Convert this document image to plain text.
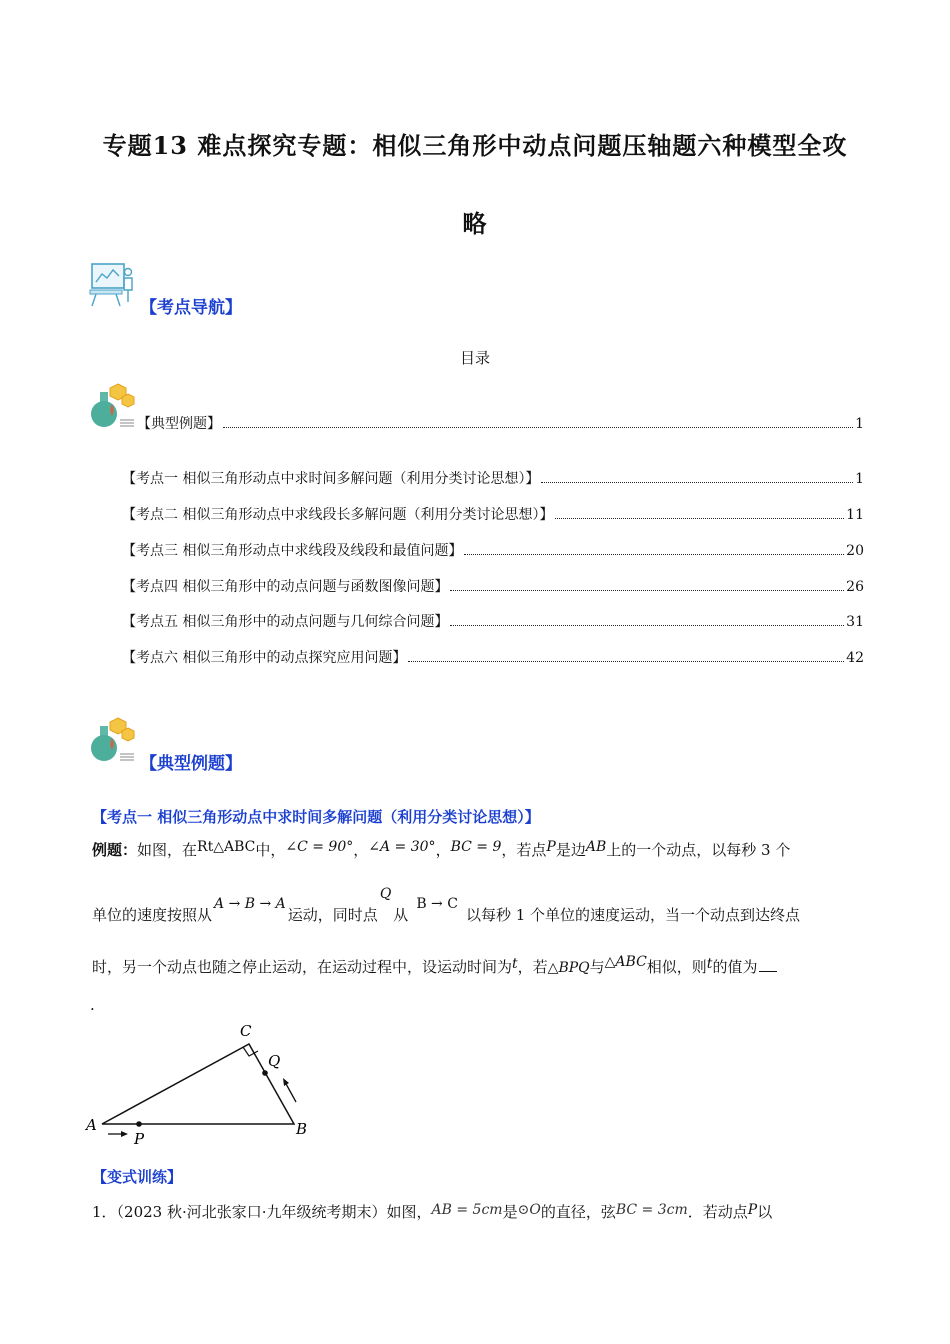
专题13 难点探究专题：相似三角形中动点问题压轴题六种模型全攻
略
【考点导航】
目录
【典型例题】	1
【考点一 相似三角形动点中求时间多解问题（利用分类讨论思想）】	1
【考点二 相似三角形动点中求线段长多解问题（利用分类讨论思想）】	11
【考点三 相似三角形动点中求线段及线段和最值问题】	20
【考点四 相似三角形中的动点问题与函数图像问题】	26
【考点五 相似三角形中的动点问题与几何综合问题】	31
【考点六 相似三角形中的动点探究应用问题】	42
【典型例题】
【考点一 相似三角形动点中求时间多解问题（利用分类讨论思想）】
例题：如图，在Rt△ABC中，∠C = 90°，∠A = 30°，BC = 9，若点P是边AB上的一个动点，以每秒 3 个
单位的速度按照从A → B → A运动，同时点Q从B → C以每秒 1 个单位的速度运动，当一个动点到达终点
时，另一个动点也随之停止运动，在运动过程中，设运动时间为t，若△BPQ与△ABC相似，则t的值为
.
A	B
C
P
Q
【变式训练】
1．（2023 秋·河北张家口·九年级统考期末）如图，AB = 5cm是⊙O的直径，弦BC = 3cm．若动点P以
